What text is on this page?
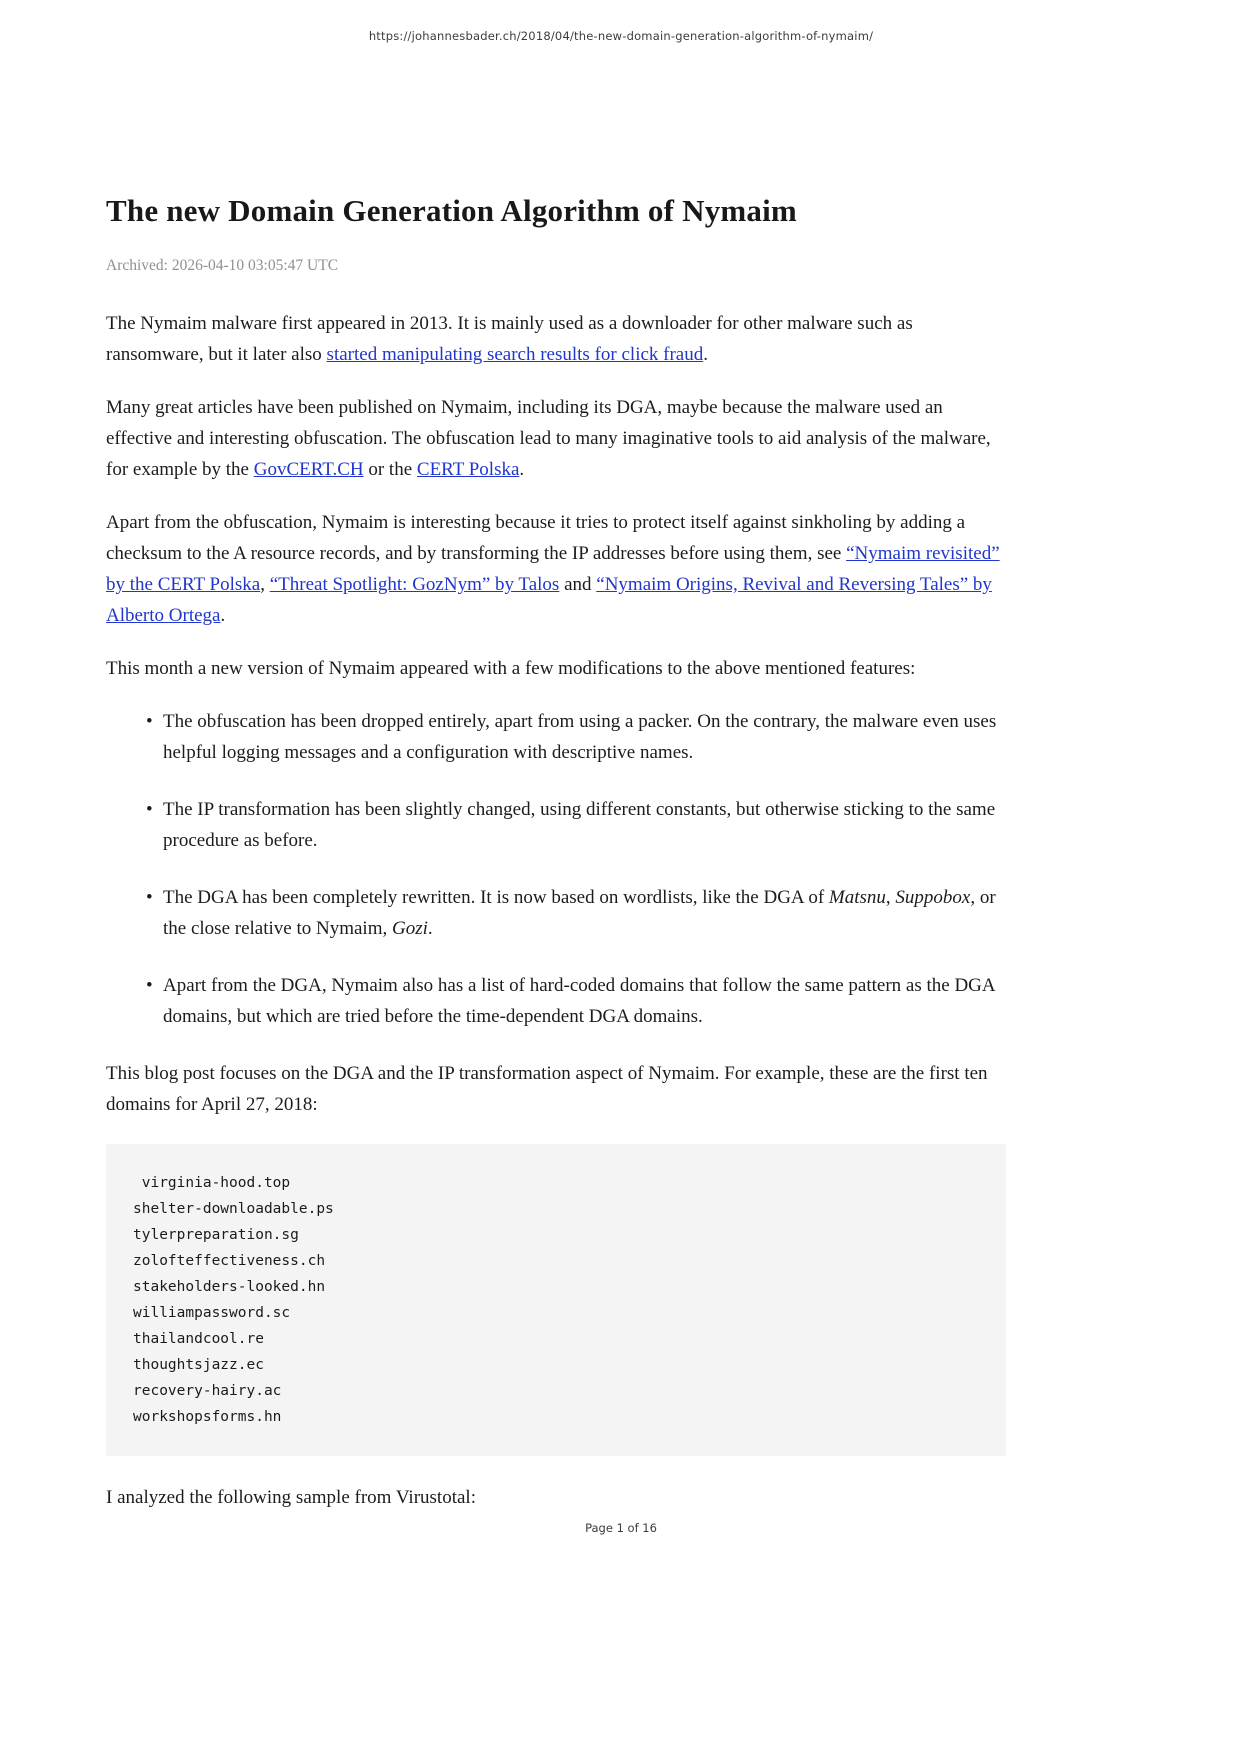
https://johannesbader.ch/2018/04/the-new-domain-generation-algorithm-of-nymaim/
The new Domain Generation Algorithm of Nymaim
Archived: 2026-04-10 03:05:47 UTC

The Nymaim malware first appeared in 2013. It is mainly used as a downloader for other malware such as ransomware, but it later also started manipulating search results for click fraud.

Many great articles have been published on Nymaim, including its DGA, maybe because the malware used an effective and interesting obfuscation. The obfuscation lead to many imaginative tools to aid analysis of the malware, for example by the GovCERT.CH or the CERT Polska.

Apart from the obfuscation, Nymaim is interesting because it tries to protect itself against sinkholing by adding a checksum to the A resource records, and by transforming the IP addresses before using them, see “Nymaim revisited” by the CERT Polska, “Threat Spotlight: GozNym” by Talos and “Nymaim Origins, Revival and Reversing Tales” by Alberto Ortega.

This month a new version of Nymaim appeared with a few modifications to the above mentioned features:

• The obfuscation has been dropped entirely, apart from using a packer. On the contrary, the malware even uses helpful logging messages and a configuration with descriptive names.
• The IP transformation has been slightly changed, using different constants, but otherwise sticking to the same procedure as before.
• The DGA has been completely rewritten. It is now based on wordlists, like the DGA of Matsnu, Suppobox, or the close relative to Nymaim, Gozi.
• Apart from the DGA, Nymaim also has a list of hard-coded domains that follow the same pattern as the DGA domains, but which are tried before the time-dependent DGA domains.

This blog post focuses on the DGA and the IP transformation aspect of Nymaim. For example, these are the first ten domains for April 27, 2018:

virginia-hood.top
shelter-downloadable.ps
tylerpreparation.sg
zolofteffectiveness.ch
stakeholders-looked.hn
williampassword.sc
thailandcool.re
thoughtsjazz.ec
recovery-hairy.ac
workshopsforms.hn

I analyzed the following sample from Virustotal:

Page 1 of 16
